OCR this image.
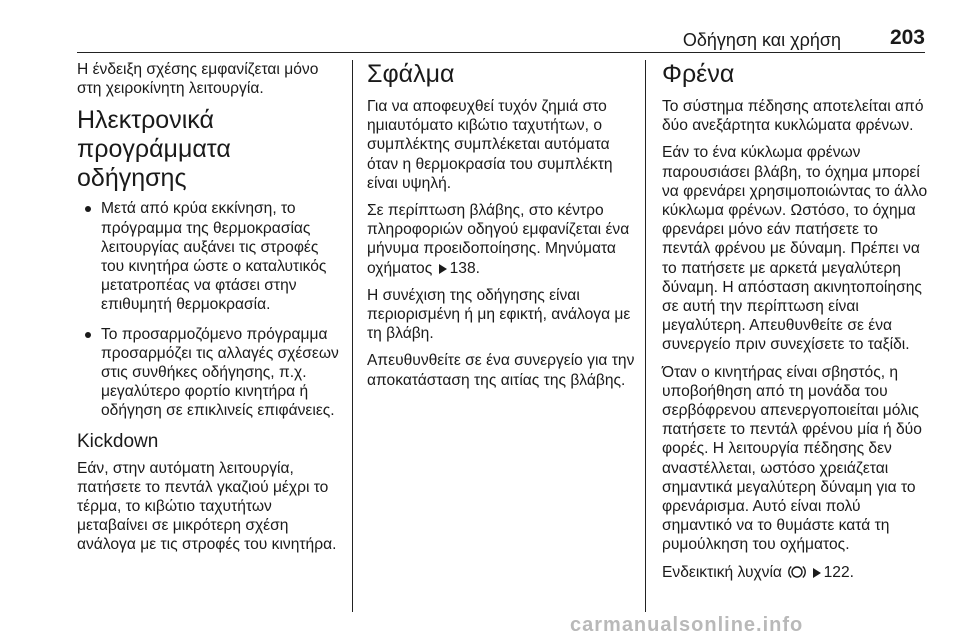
Οδήγηση και χρήση 203

Η ένδειξη σχέσης εμφανίζεται μόνο στη χειροκίνητη λειτουργία.

Ηλεκτρονικά προγράμματα οδήγησης
Μετά από κρύα εκκίνηση, το πρόγραμμα της θερμοκρασίας λειτουργίας αυξάνει τις στροφές του κινητήρα ώστε ο καταλυτικός μετατροπέας να φτάσει στην επιθυμητή θερμοκρασία.
Το προσαρμοζόμενο πρόγραμμα προσαρμόζει τις αλλαγές σχέσεων στις συνθήκες οδήγησης, π.χ. μεγαλύτερο φορτίο κινητήρα ή οδήγηση σε επικλινείς επιφάνειες.
Kickdown

Εάν, στην αυτόματη λειτουργία, πατήσετε το πεντάλ γκαζιού μέχρι το τέρμα, το κιβώτιο ταχυτήτων μεταβαίνει σε μικρότερη σχέση ανάλογα με τις στροφές του κινητήρα.

Σφάλμα

Για να αποφευχθεί τυχόν ζημιά στο ημιαυτόματο κιβώτιο ταχυτήτων, ο συμπλέκτης συμπλέκεται αυτόματα όταν η θερμοκρασία του συμπλέκτη είναι υψηλή.

Σε περίπτωση βλάβης, στο κέντρο πληροφοριών οδηγού εμφανίζεται ένα μήνυμα προειδοποίησης. Μηνύματα οχήματος 138.

Η συνέχιση της οδήγησης είναι περιορισμένη ή μη εφικτή, ανάλογα με τη βλάβη.

Απευθυνθείτε σε ένα συνεργείο για την αποκατάσταση της αιτίας της βλάβης.

Φρένα

Το σύστημα πέδησης αποτελείται από δύο ανεξάρτητα κυκλώματα φρένων.

Εάν το ένα κύκλωμα φρένων παρουσιάσει βλάβη, το όχημα μπορεί να φρενάρει χρησιμοποιώντας το άλλο κύκλωμα φρένων. Ωστόσο, το όχημα φρενάρει μόνο εάν πατήσετε το πεντάλ φρένου με δύναμη. Πρέπει να το πατήσετε με αρκετά μεγαλύτερη δύναμη. Η απόσταση ακινητοποίησης σε αυτή την περίπτωση είναι μεγαλύτερη. Απευθυνθείτε σε ένα συνεργείο πριν συνεχίσετε το ταξίδι.

Όταν ο κινητήρας είναι σβηστός, η υποβοήθηση από τη μονάδα του σερβόφρενου απενεργοποιείται μόλις πατήσετε το πεντάλ φρένου μία ή δύο φορές. Η λειτουργία πέδησης δεν αναστέλλεται, ωστόσο χρειάζεται σημαντικά μεγαλύτερη δύναμη για το φρενάρισμα. Αυτό είναι πολύ σημαντικό να το θυμάστε κατά τη ρυμούλκηση του οχήματος.

Ενδεικτική λυχνία	122.

carmanualsonline.info
